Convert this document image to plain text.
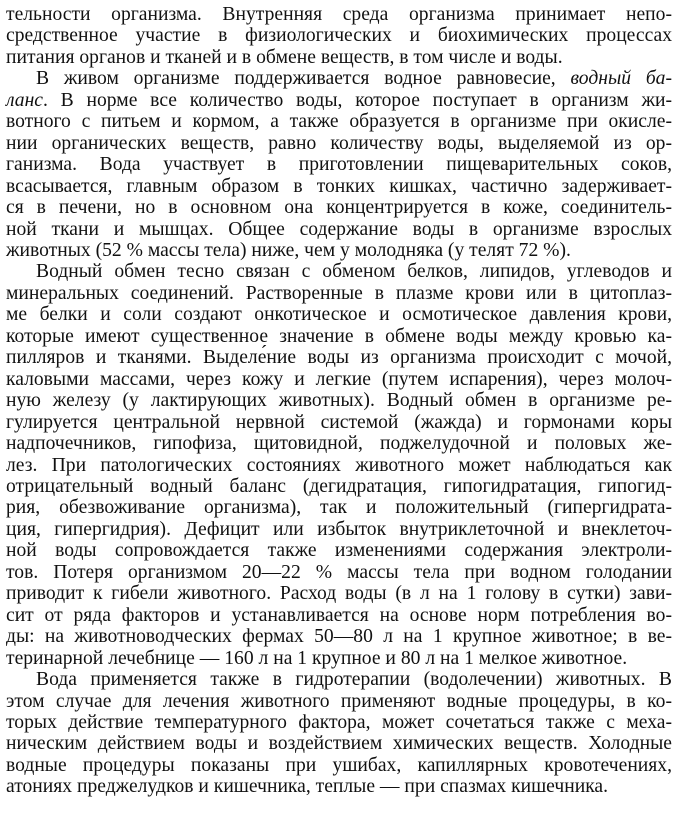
тельности организма. Внутренняя среда организма принимает непо-
средственное участие в физиологических и биохимических процессах
питания органов и тканей и в обмене веществ, в том числе и воды.

В живом организме поддерживается водное равновесие, водный ба-
ланс. В норме все количество воды, которое поступает в организм жи-
вотного с питьем и кормом, а также образуется в организме при окисле-
нии органических веществ, равно количеству воды, выделяемой из ор-
ганизма. Вода участвует в приготовлении пищеварительных соков,
всасывается, главным образом в тонких кишках, частично задерживает-
ся в печени, но в основном она концентрируется в коже, соединитель-
ной ткани и мышцах. Общее содержание воды в организме взрослых
животных (52 % массы тела) ниже, чем у молодняка (у телят 72 %).

Водный обмен тесно связан с обменом белков, липидов, углеводов и
минеральных соединений. Растворенные в плазме крови или в цитоплаз-
ме белки и соли создают онкотическое и осмотическое давления крови,
которые имеют существенное значение в обмене воды между кровью ка-
пилляров и тканями. Выделе́ние воды из организма происходит с мочой,
каловыми массами, через кожу и легкие (путем испарения), через молоч-
ную железу (у лактирующих животных). Водный обмен в организме ре-
гулируется центральной нервной системой (жажда) и гормонами коры
надпочечников, гипофиза, щитовидной, поджелудочной и половых же-
лез. При патологических состояниях животного может наблюдаться как
отрицательный водный баланс (дегидратация, гипогидратация, гипогид-
рия, обезвоживание организма), так и положительный (гипергидрата-
ция, гипергидрия). Дефицит или избыток внутриклеточной и внеклеточ-
ной воды сопровождается также изменениями содержания электроли-
тов. Потеря организмом 20—22 % массы тела при водном голодании
приводит к гибели животного. Расход воды (в л на 1 голову в сутки) зави-
сит от ряда факторов и устанавливается на основе норм потребления во-
ды: на животноводческих фермах 50—80 л на 1 крупное животное; в ве-
теринарной лечебнице — 160 л на 1 крупное и 80 л на 1 мелкое животное.

Вода применяется также в гидротерапии (водолечении) животных. В
этом случае для лечения животного применяют водные процедуры, в ко-
торых действие температурного фактора, может сочетаться также с меха-
ническим действием воды и воздействием химических веществ. Холодные
водные процедуры показаны при ушибах, капиллярных кровотечениях,
атониях преджелудков и кишечника, теплые — при спазмах кишечника.
